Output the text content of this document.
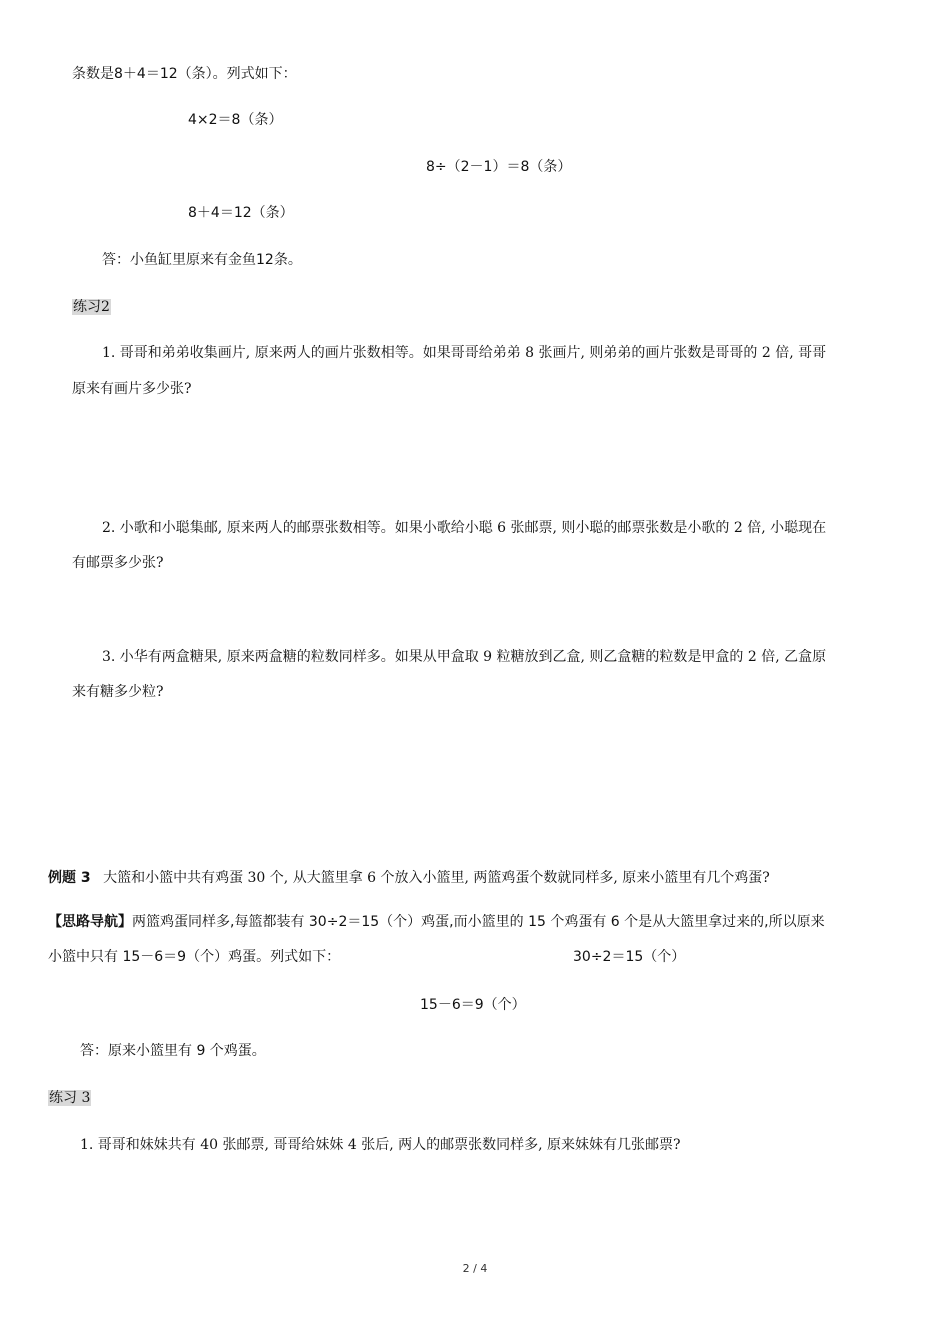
条数是8＋4＝12（条）。列式如下：
4×2＝8（条）
8÷（2－1）＝8（条）
8＋4＝12（条）
答：小鱼缸里原来有金鱼12条。
练习2
1. 哥哥和弟弟收集画片, 原来两人的画片张数相等。如果哥哥给弟弟 8 张画片, 则弟弟的画片张数是哥哥的 2 倍, 哥哥
原来有画片多少张?
2. 小歌和小聪集邮, 原来两人的邮票张数相等。如果小歌给小聪 6 张邮票, 则小聪的邮票张数是小歌的 2 倍, 小聪现在
有邮票多少张?
3. 小华有两盒糖果, 原来两盒糖的粒数同样多。如果从甲盒取 9 粒糖放到乙盒, 则乙盒糖的粒数是甲盒的 2 倍, 乙盒原
来有糖多少粒?
例题 3 大篮和小篮中共有鸡蛋 30 个, 从大篮里拿 6 个放入小篮里, 两篮鸡蛋个数就同样多, 原来小篮里有几个鸡蛋?
【思路导航】两篮鸡蛋同样多,每篮都装有 30÷2＝15（个）鸡蛋,而小篮里的 15 个鸡蛋有 6 个是从大篮里拿过来的,所以原来
小篮中只有 15－6＝9（个）鸡蛋。列式如下：	30÷2＝15（个）
15－6＝9（个）
答：原来小篮里有 9 个鸡蛋。
练习 3
1. 哥哥和妹妹共有 40 张邮票, 哥哥给妹妹 4 张后, 两人的邮票张数同样多, 原来妹妹有几张邮票?
2 / 4
